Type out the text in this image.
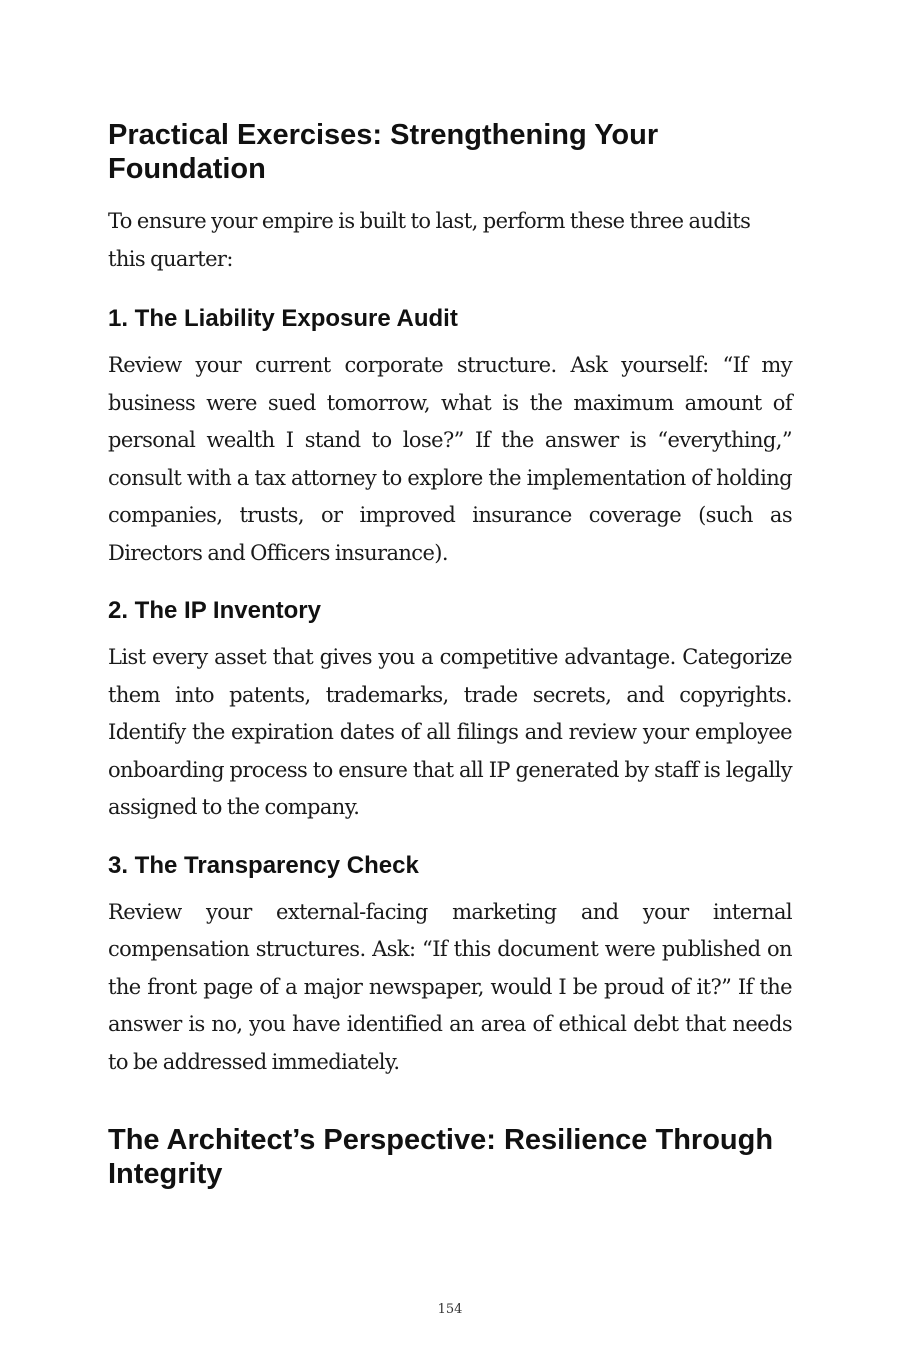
Practical Exercises: Strengthening Your Foundation

To ensure your empire is built to last, perform these three audits this quarter:

1. The Liability Exposure Audit

Review your current corporate structure. Ask yourself: “If my business were sued tomorrow, what is the maximum amount of personal wealth I stand to lose?” If the answer is “everything,” consult with a tax attorney to explore the implementation of holding companies, trusts, or improved insurance coverage (such as Directors and Officers insurance).

2. The IP Inventory

List every asset that gives you a competitive advantage. Categorize them into patents, trademarks, trade secrets, and copyrights. Identify the expiration dates of all filings and review your employee onboarding process to ensure that all IP generated by staff is legally assigned to the company.

3. The Transparency Check

Review your external-facing marketing and your internal compensation structures. Ask: “If this document were published on the front page of a major newspaper, would I be proud of it?” If the answer is no, you have identified an area of ethical debt that needs to be addressed immediately.

The Architect’s Perspective: Resilience Through Integrity
154
